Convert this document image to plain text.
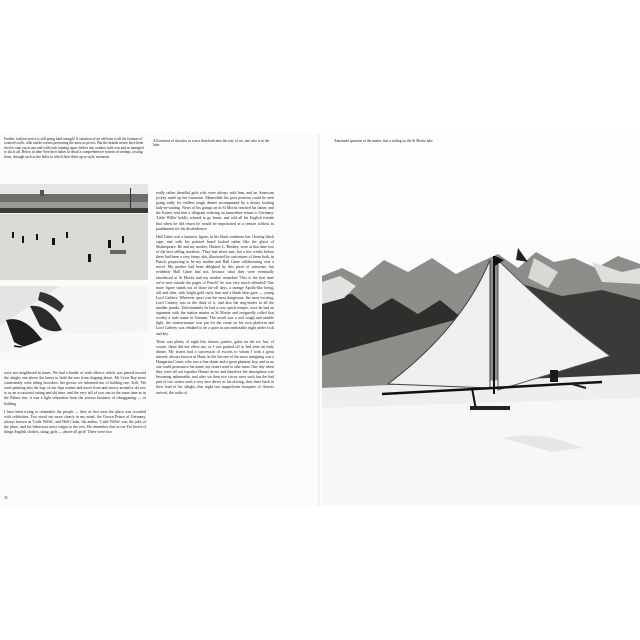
Farther, fashion you're is still going hard enough! A variation of an old form is all the features of women's toffs, with inside corsets presenting the most as pieces. But the brands newer have been tried to sum out at any and with each fanning upon clothes any outdoor tube was and as managed to ski at all. Below in time Vere their ladies in detail a comprehensive system of settings, tossing ferns, through such as the holes in which their there up or style, moments
All tensions of shooters as a race than both nine the way of ice, one who is in the later.

were not neighbored in times. We had a kindle of wide elbows which was placed toward the sleighs one above the knees to hold the ears from slipping about. Mr Cecie Ray more consistently went riding brooches, her gowns we informed me of holding one. Still, 'We went painting into the logs of our hips warms and move from and snowy around a ski row to as an occasional outing and ski time, and the very tall of you can in the same time as in the Palace rim, it was a light relaxation from the serious business of tobogganing — or holding.

I have been trying to remember the people — they at first were the place was crowded with celebrities. Two stood out more clearly in my mind, the Grown Prince of Germany, always known as 'Little Willie', and Hall Caine, the author. 'Little Willie' was the joke of the place, and his behaviour most vulgar to the rest. He remember that in our Fai breed of things English clothes, slang, girls — above all girls! There were two

really rather dreadful girls who were always with him, and an American jockey made up the foursome. Meanwhile his poor princess could be seen going sadly for endless tough dinner accompanied by a dreary looking lady-in-waiting. News of his goings on in St Moritz reached his father, and the Kaiser sent him a telegram ordering an immediate return to Germany. 'Little Willie' boldly refused to go home, and told all his English friends that when he did return he would be imprisoned in a remote schloss as punishment for his disobedience.

Hall Caine was a fantastic figure, in his black sombrero hat, flowing black cape, and with his pointed beard looked rather like the ghost of Shakespeare. He and my mother, Hartree L. Bentley, were at that time two of the best selling novelists. 'They had never met, but a few weeks before there had been a very funny skit, illustrated by caricatures of them both, in Punch, purporting to be my mother and Hall Caine collaborating over a novel. My mother had been delighted by this piece of nonsense, but evidently Hall Caine had not, because what they were eventually introduced at St Moritz and my mother remarked 'This is the first time we've met outside the pages of Punch!' he was very much offended! One more figure stands out of those far-off days, a strange Apollo-like being, tall and slim, with bright gold curly hair and a blank blue gaze — young Lord Carbery. Wherever sport was the most dangerous, the most exciting, Lord Carbery was in the thick of it, and also the ring-leader in all the madder pranks. Unfortunately he had a very quick temper, once he had an argument with the station master at St Moritz and resignedly called that worthy a rude name in German. The result was a real rough and tumble fight, the station-master was put for the count on his own platform and Lord Carbery was rebuked to be a quiet in uncomfortable night under lock and key.

There was plenty of night life, dances, parties, galas on the ice, but, of course, those did not affect me, as I was packed off to bed after an early dinner. My sisters had a succession of escorts to whom I took a great interest, always known as Hans; in the fun one of the most intriguing was a Hungarian Count, who was a fine skater and a great glamour boy, and as no one could pronounce his name, my sisters used to take turns. One day when they were all out together Hansie drove and therefore the atmosphere was becoming unbearable, and after we then two circus were such fun the bad part of two sisters each a very nice driver as his driving, they there back in their loud of fur sleighs, that night two magnificent bouquets of flowers arrived, the radio of

Annotated question of the matter, fine a sailing on the St Moritz lake
36
